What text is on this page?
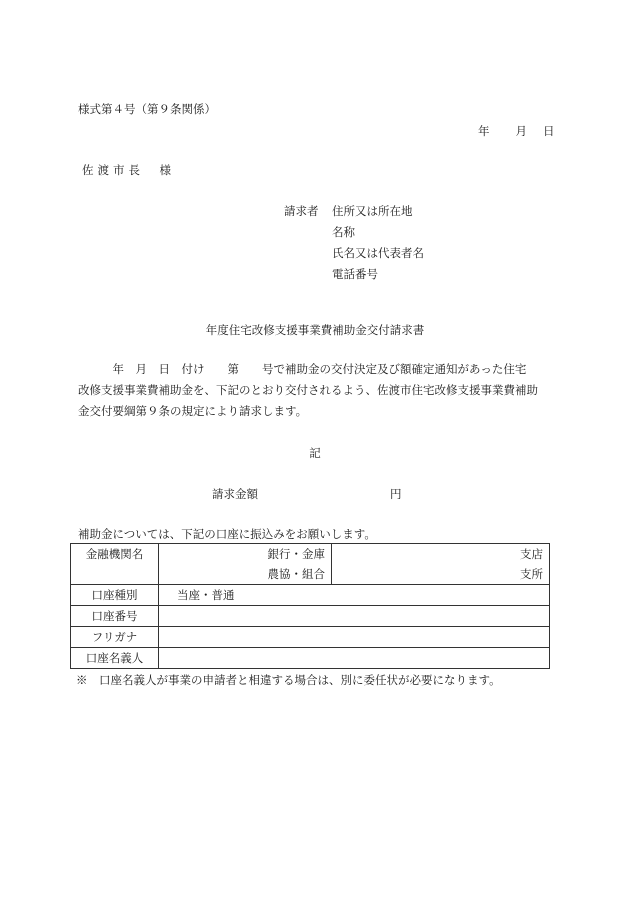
様式第４号（第９条関係）
年 月 日
佐渡市長　様
請求者 住所又は所在地
名称
氏名又は代表者名
電話番号
年度住宅改修支援事業費補助金交付請求書

　　　年　月　日　付け　　第　　号で補助金の交付決定及び額確定通知があった住宅

改修支援事業費補助金を、下記のとおり交付されるよう、佐渡市住宅改修支援事業費補助

金交付要綱第９条の規定により請求します。

記
請求金額	円
補助金については、下記の口座に振込みをお願いします。
金融機関名	銀行・金庫	支店
	農協・組合	支所
口座種別	当座・普通	
口座番号		
フリガナ		
口座名義人		
※　口座名義人が事業の申請者と相違する場合は、別に委任状が必要になります。
